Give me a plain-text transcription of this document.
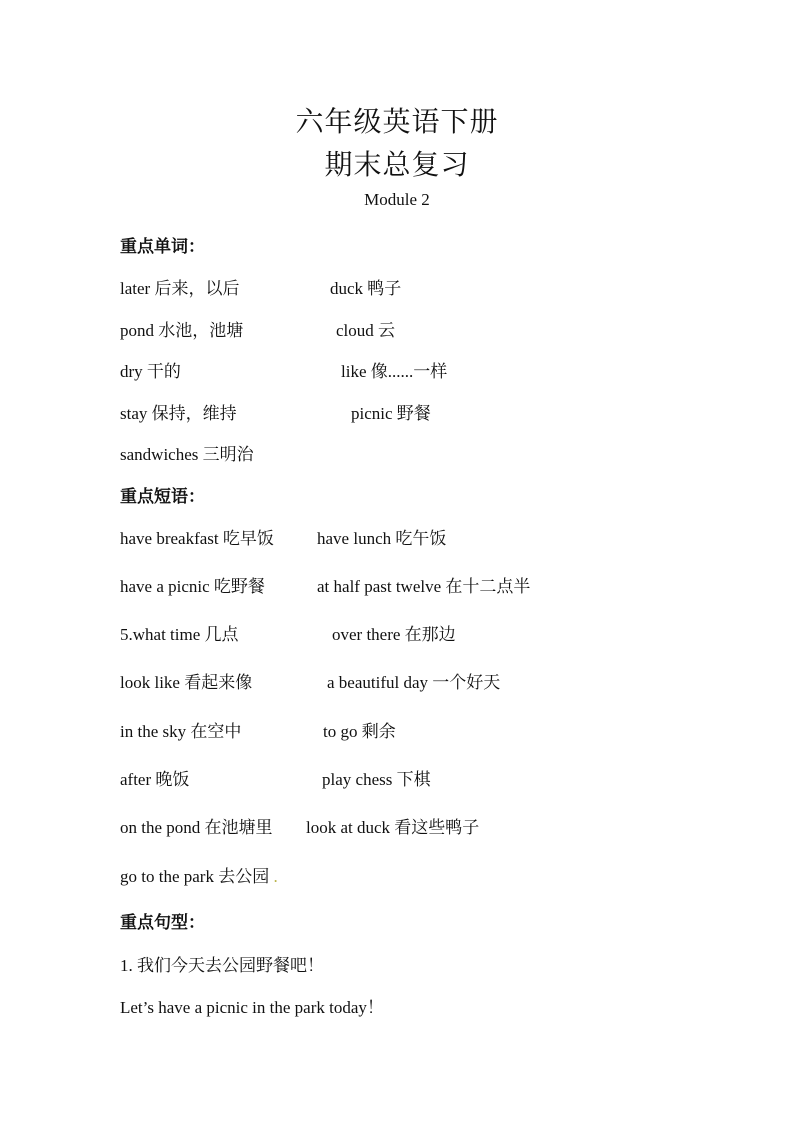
六年级英语下册
期末总复习
Module 2
重点单词：
later 后来，以后	duck 鸭子
pond 水池，池塘	cloud 云
dry 干的	like 像......一样
stay 保持，维持	picnic 野餐
sandwiches 三明治
重点短语：
have breakfast 吃早饭	have lunch 吃午饭
have a picnic 吃野餐	at half past twelve 在十二点半
5.what time 几点	over there 在那边
look like 看起来像	a beautiful day 一个好天
in the sky 在空中	to go 剩余
after 晚饭	play chess 下棋
on the pond 在池塘里 look at duck 看这些鸭子
go to the park 去公园 .
重点句型：
1. 我们今天去公园野餐吧！
Let’s have a picnic in the park today！
